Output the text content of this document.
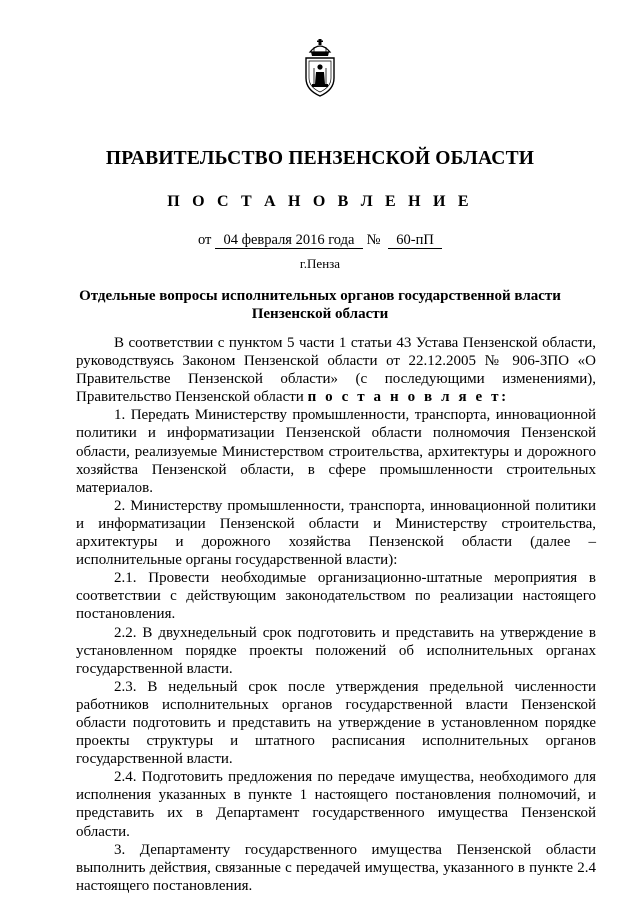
ПРАВИТЕЛЬСТВО ПЕНЗЕНСКОЙ ОБЛАСТИ
П О С Т А Н О В Л Е Н И Е
от 04 февраля 2016 года № 60-пП
г.Пенза
Отдельные вопросы исполнительных органов государственной власти
Пензенской области

В соответствии с пунктом 5 части 1 статьи 43 Устава Пензенской области, руководствуясь Законом Пензенской области от 22.12.2005 № 906-ЗПО «О Правительстве Пензенской области» (с последующими изменениями), Правительство Пензенской области п о с т а н о в л я е т:

1. Передать Министерству промышленности, транспорта, инновационной политики и информатизации Пензенской области полномочия Пензенской области, реализуемые Министерством строительства, архитектуры и дорожного хозяйства Пензенской области, в сфере промышленности строительных материалов.

2. Министерству промышленности, транспорта, инновационной политики и информатизации Пензенской области и Министерству строительства, архитектуры и дорожного хозяйства Пензенской области (далее – исполнительные органы государственной власти):

2.1. Провести необходимые организационно-штатные мероприятия в соответствии с действующим законодательством по реализации настоящего постановления.

2.2. В двухнедельный срок подготовить и представить на утверждение в установленном порядке проекты положений об исполнительных органах государственной власти.

2.3. В недельный срок после утверждения предельной численности работников исполнительных органов государственной власти Пензенской области подготовить и представить на утверждение в установленном порядке проекты структуры и штатного расписания исполнительных органов государственной власти.

2.4. Подготовить предложения по передаче имущества, необходимого для исполнения указанных в пункте 1 настоящего постановления полномочий, и представить их в Департамент государственного имущества Пензенской области.

3. Департаменту государственного имущества Пензенской области выполнить действия, связанные с передачей имущества, указанного в пункте 2.4 настоящего постановления.
